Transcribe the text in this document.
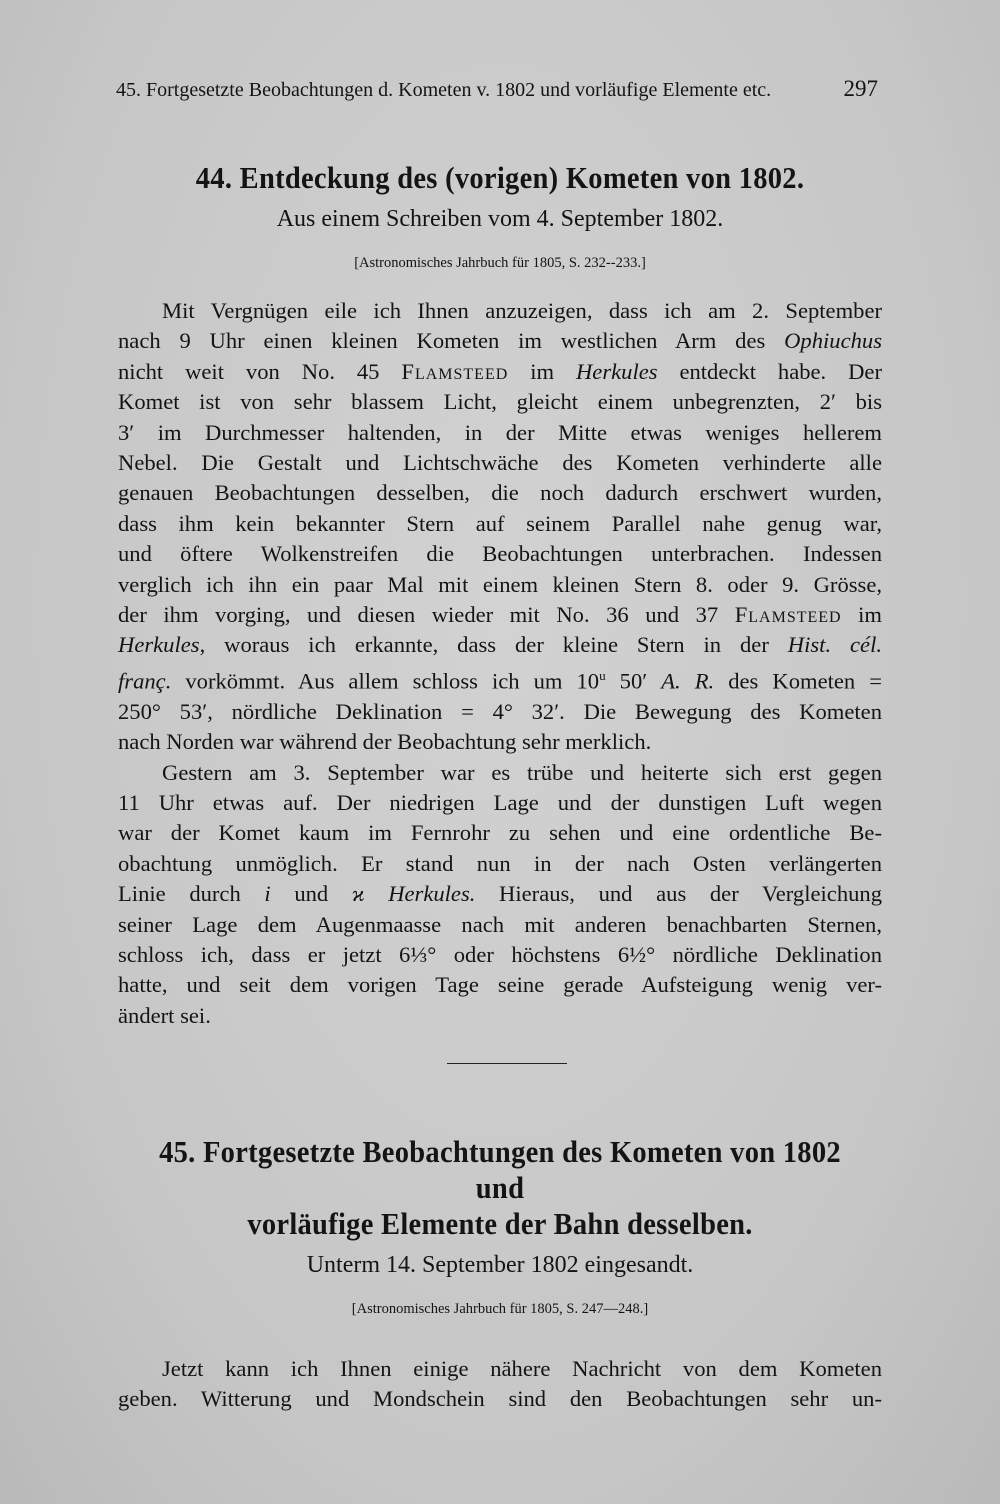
45. Fortgesetzte Beobachtungen d. Kometen v. 1802 und vorläufige Elemente etc.	297
44. Entdeckung des (vorigen) Kometen von 1802.
Aus einem Schreiben vom 4. September 1802.
[Astronomisches Jahrbuch für 1805, S. 232--233.]
Mit Vergnügen eile ich Ihnen anzuzeigen, dass ich am 2. September
nach 9 Uhr einen kleinen Kometen im westlichen Arm des Ophiuchus
nicht weit von No. 45 Flamsteed im Herkules entdeckt habe. Der
Komet ist von sehr blassem Licht, gleicht einem unbegrenzten, 2′ bis
3′ im Durchmesser haltenden, in der Mitte etwas weniges hellerem
Nebel. Die Gestalt und Lichtschwäche des Kometen verhinderte alle
genauen Beobachtungen desselben, die noch dadurch erschwert wurden,
dass ihm kein bekannter Stern auf seinem Parallel nahe genug war,
und öftere Wolkenstreifen die Beobachtungen unterbrachen. Indessen
verglich ich ihn ein paar Mal mit einem kleinen Stern 8. oder 9. Grösse,
der ihm vorging, und diesen wieder mit No. 36 und 37 Flamsteed im
Herkules, woraus ich erkannte, dass der kleine Stern in der Hist. cél.
franç. vorkömmt. Aus allem schloss ich um 10$^u$ 50′ A. R. des Kometen =
250° 53′, nördliche Deklination = 4° 32′. Die Bewegung des Kometen
nach Norden war während der Beobachtung sehr merklich.
Gestern am 3. September war es trübe und heiterte sich erst gegen
11 Uhr etwas auf. Der niedrigen Lage und der dunstigen Luft wegen
war der Komet kaum im Fernrohr zu sehen und eine ordentliche Be-
obachtung unmöglich. Er stand nun in der nach Osten verlängerten
Linie durch i und ϰ Herkules. Hieraus, und aus der Vergleichung
seiner Lage dem Augenmaasse nach mit anderen benachbarten Sternen,
schloss ich, dass er jetzt 6⅓° oder höchstens 6½° nördliche Deklination
hatte, und seit dem vorigen Tage seine gerade Aufsteigung wenig ver-
ändert sei.
45. Fortgesetzte Beobachtungen des Kometen von 1802 und
vorläufige Elemente der Bahn desselben.
Unterm 14. September 1802 eingesandt.
[Astronomisches Jahrbuch für 1805, S. 247—248.]
Jetzt kann ich Ihnen einige nähere Nachricht von dem Kometen
geben. Witterung und Mondschein sind den Beobachtungen sehr un-
